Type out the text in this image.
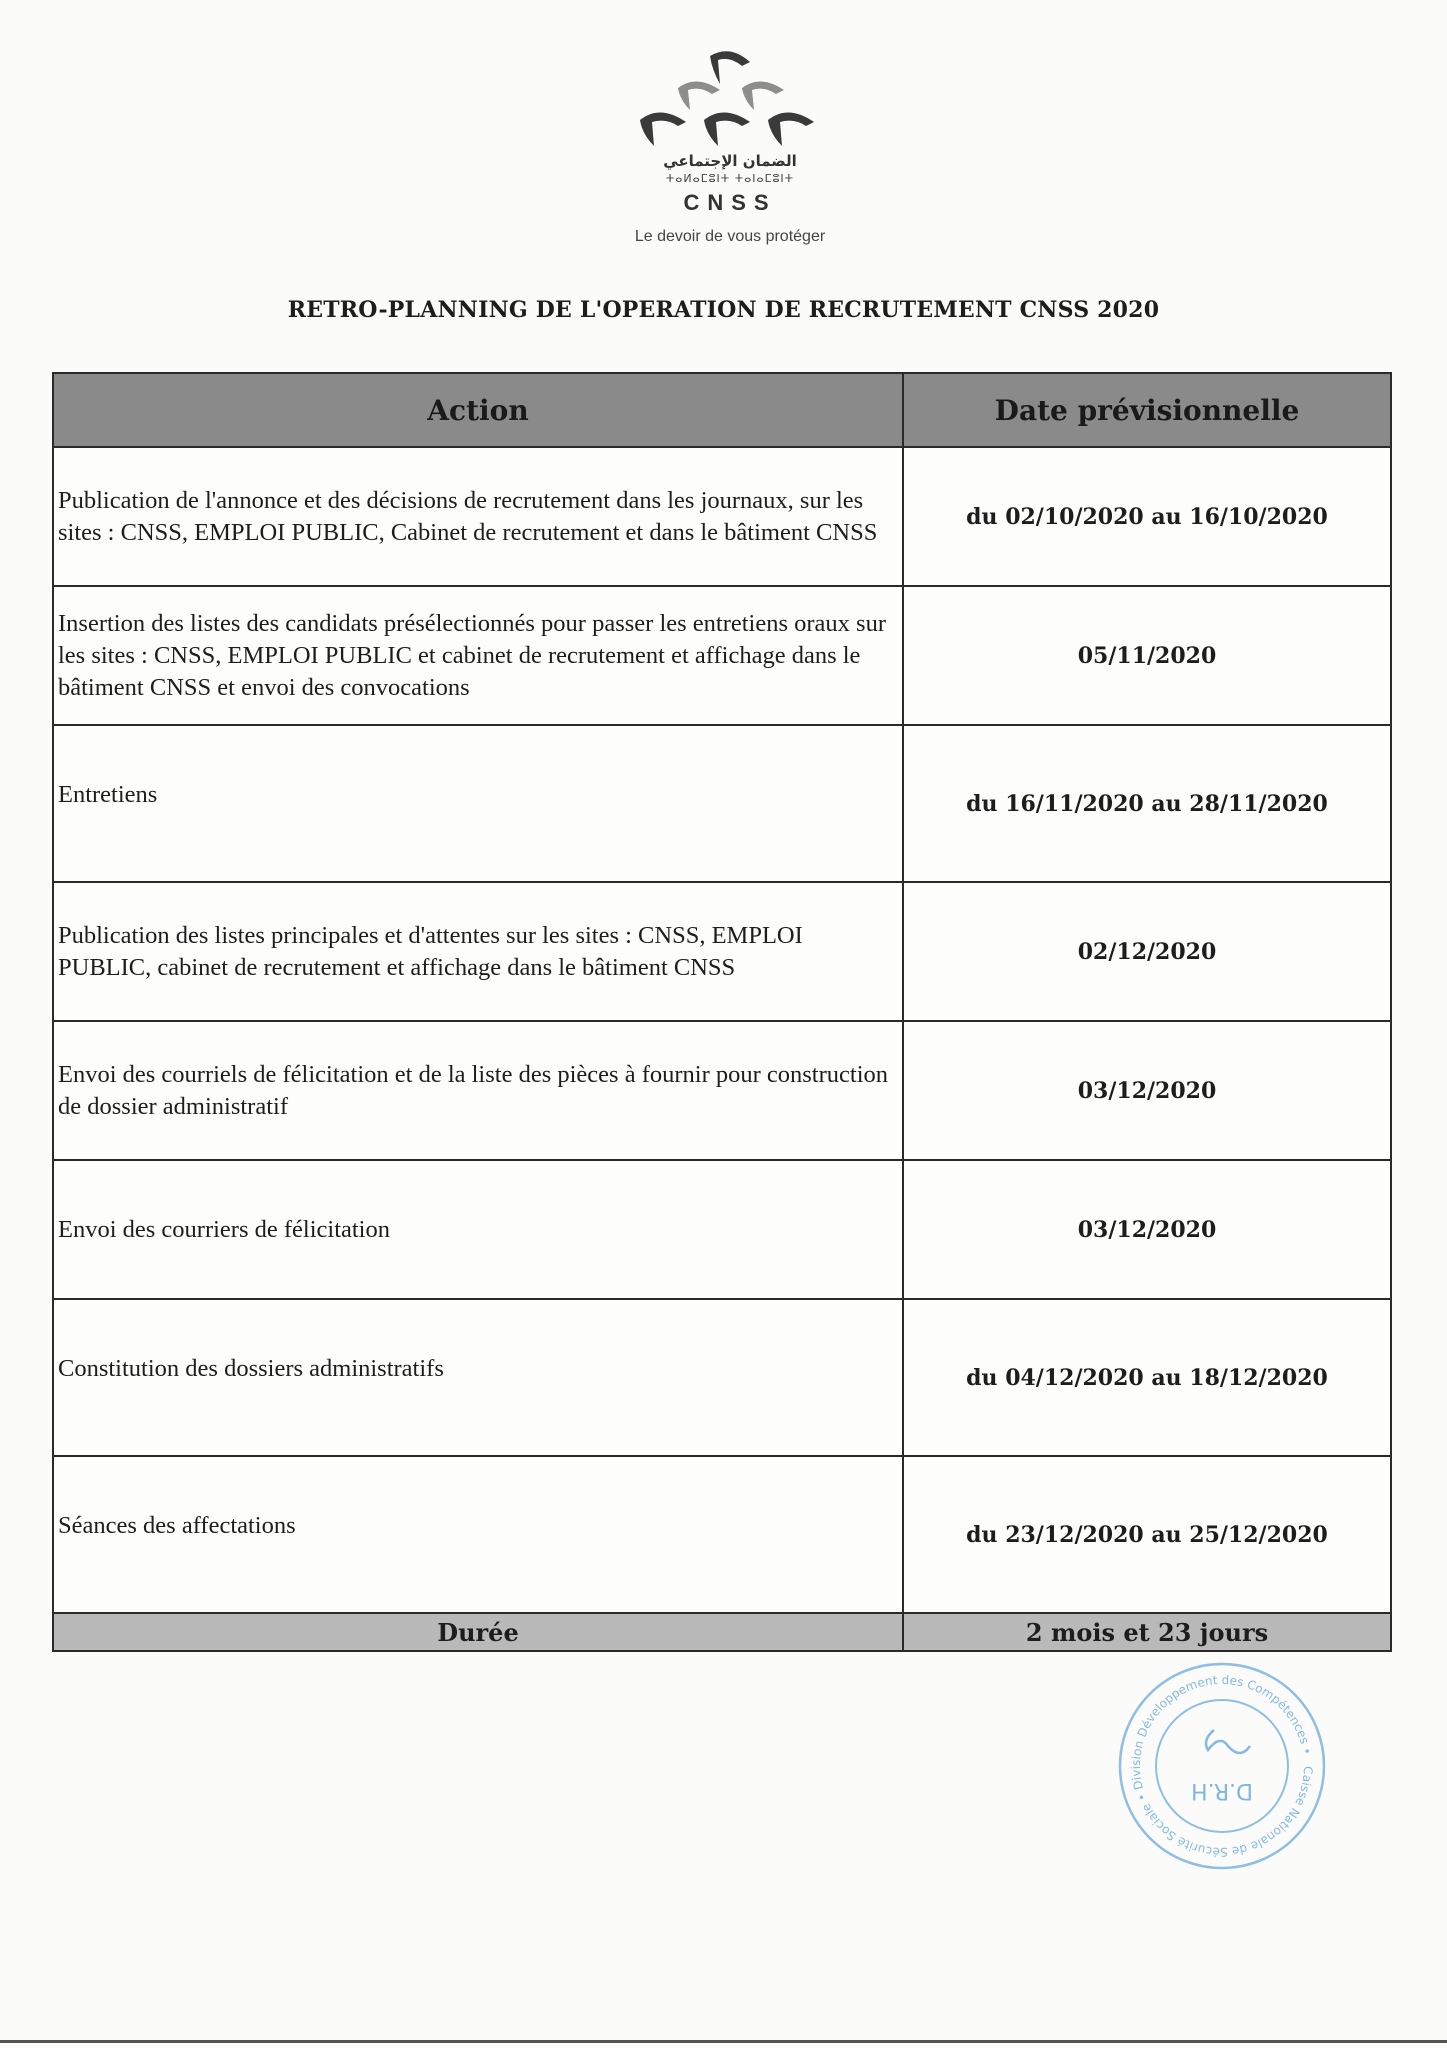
الضمان الإجتماعي
ⵜⴰⵍⴰⵎⵓⵏⵜ ⵜⴰⵏⴰⵎⵓⵏⵜ
CNSS
Le devoir de vous protéger
RETRO-PLANNING DE L'OPERATION DE RECRUTEMENT CNSS 2020
Action	Date prévisionnelle
Publication de l'annonce et des décisions de recrutement dans les journaux, sur les sites : CNSS, EMPLOI PUBLIC, Cabinet de recrutement et dans le bâtiment CNSS	du 02/10/2020 au 16/10/2020
Insertion des listes des candidats présélectionnés pour passer les entretiens oraux sur les sites : CNSS, EMPLOI PUBLIC et cabinet de recrutement et affichage dans le bâtiment CNSS et envoi des convocations	05/11/2020
Entretiens	du 16/11/2020 au 28/11/2020
Publication des listes principales et d'attentes sur les sites : CNSS, EMPLOI PUBLIC, cabinet de recrutement et affichage dans le bâtiment CNSS	02/12/2020
Envoi des courriels de félicitation et de la liste des pièces à fournir pour construction de dossier administratif	03/12/2020
Envoi des courriers de félicitation	03/12/2020
Constitution des dossiers administratifs	du 04/12/2020 au 18/12/2020
Séances des affectations	du 23/12/2020 au 25/12/2020
Durée	2 mois et 23 jours
Caisse Nationale de Sécurité Sociale • Division Développement des Compétences •
D.R.H
